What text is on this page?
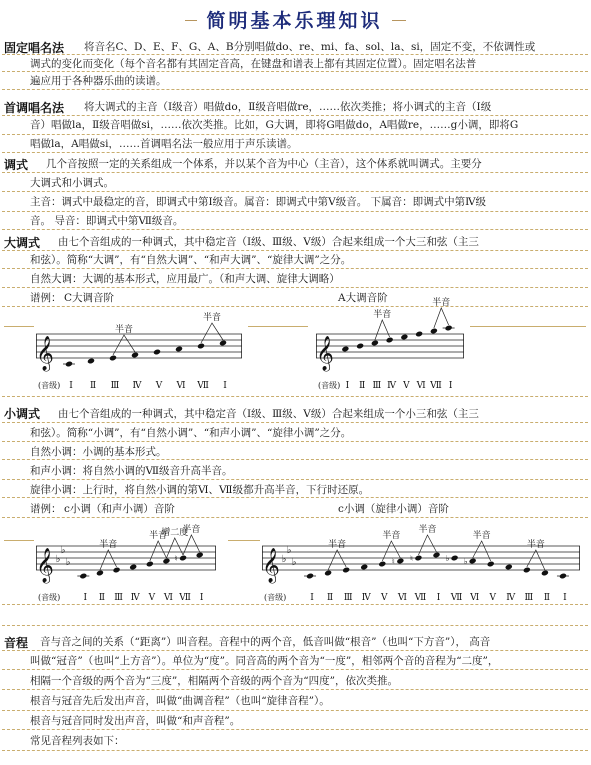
简明基本乐理知识
固定唱名法 将音名C、D、E、F、G、A、B分别唱做do、re、mi、fa、sol、la、si，固定不变，不依调性或
调式的变化而变化（每个音名都有其固定音高，在键盘和谱表上都有其固定位置）。固定唱名法普
遍应用于各种器乐曲的读谱。
首调唱名法 将大调式的主音（Ⅰ级音）唱做do，Ⅱ级音唱做re，……依次类推；将小调式的主音（Ⅰ级
音）唱做la，Ⅱ级音唱做si，……依次类推。比如，G大调，即将G唱做do，A唱做re，……g小调，即将G
唱做la，A唱做si，……首调唱名法一般应用于声乐读谱。
调式 几个音按照一定的关系组成一个体系，并以某个音为中心（主音），这个体系就叫调式。主要分
大调式和小调式。
主音：调式中最稳定的音，即调式中第Ⅰ级音。属音：即调式中第Ⅴ级音。 下属音：即调式中第Ⅳ级
音。 导音：即调式中第Ⅶ级音。
大调式 由七个音组成的一种调式，其中稳定音（Ⅰ级、Ⅲ级、Ⅴ级）合起来组成一个大三和弦（主三
和弦）。简称“大调”，有“自然大调”、“和声大调”、“旋律大调”之分。
自然大调：大调的基本形式，应用最广。（和声大调、旋律大调略）
谱例： C大调音阶	A大调音阶
𝄞
半音
半音
(音级) Ⅰ Ⅱ Ⅲ Ⅳ Ⅴ Ⅵ Ⅶ Ⅰ
𝄞
半音
半音
(音级) Ⅰ Ⅱ Ⅲ Ⅳ Ⅴ Ⅵ Ⅶ Ⅰ
小调式 由七个音组成的一种调式，其中稳定音（Ⅰ级、Ⅲ级、Ⅴ级）合起来组成一个小三和弦（主三
和弦）。简称“小调”，有“自然小调”、“和声小调”、“旋律小调”之分。
自然小调：小调的基本形式。
和声小调：将自然小调的Ⅶ级音升高半音。
旋律小调：上行时，将自然小调的第Ⅵ、Ⅶ级都升高半音，下行时还原。
谱例： c小调（和声小调）音阶	c小调（旋律小调）音阶
𝄞 ♭
♭
♭	♮
半音
半音
增二度
半音
(音级)	Ⅰ Ⅱ Ⅲ Ⅳ Ⅴ Ⅵ Ⅶ Ⅰ
𝄞 ♭
♭
♭	♮ ♮	♭ ♭
半音
半音
半音	半音
半音
(音级)	Ⅰ Ⅱ Ⅲ Ⅳ Ⅴ Ⅵ Ⅶ Ⅰ Ⅶ Ⅵ Ⅴ Ⅳ Ⅲ Ⅱ Ⅰ
音程 音与音之间的关系（“距离”）叫音程。音程中的两个音，低音叫做“根音”（也叫“下方音”）， 高音
叫做“冠音”（也叫“上方音”）。单位为“度”。同音高的两个音为“一度”，相邻两个音的音程为“二度”，
相隔一个音级的两个音为“三度”，相隔两个音级的两个音为“四度”，依次类推。
根音与冠音先后发出声音，叫做“曲调音程”（也叫“旋律音程”）。
根音与冠音同时发出声音，叫做“和声音程”。
常见音程列表如下：
